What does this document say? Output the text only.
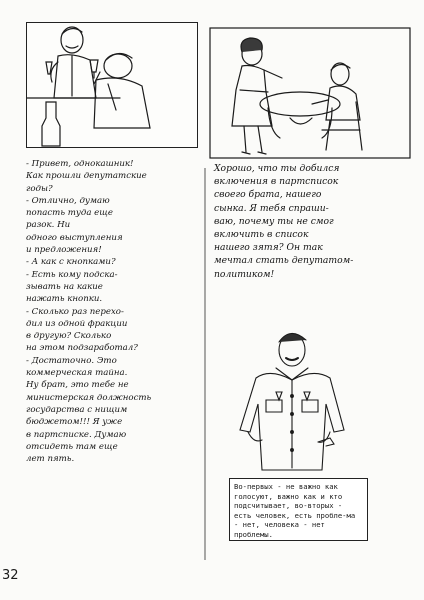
- Привет, однокашник!

Как прошли депутатские

годы?

- Отлично, думаю

попасть туда еще

разок. Ни

одного выступления

и предложения!

- А как с кнопками?

- Есть кому подска-

зывать на какие

нажать кнопки.

- Сколько раз перехо-

дил из одной фракции

в другую? Сколько

на этом подзаработал?

- Достаточно. Это

коммерческая тайна.

Ну брат, это тебе не

министерская должность

государства с нищим

бюджетом!!! Я уже

в партсписке. Думаю

отсидеть там еще

лет пять.

Хорошо, что ты добился
включения в партсписок
своего брата, нашего
сынка. Я тебя спраши-
ваю, почему ты не смог
включить в список
нашего зятя? Он так
мечтал стать депутатом-
политиком!
Во-первых - не важно как голосуют, важно как и кто подсчитывает, во-вторых - есть человек, есть пробле-ма - нет, человека - нет проблемы.
32
